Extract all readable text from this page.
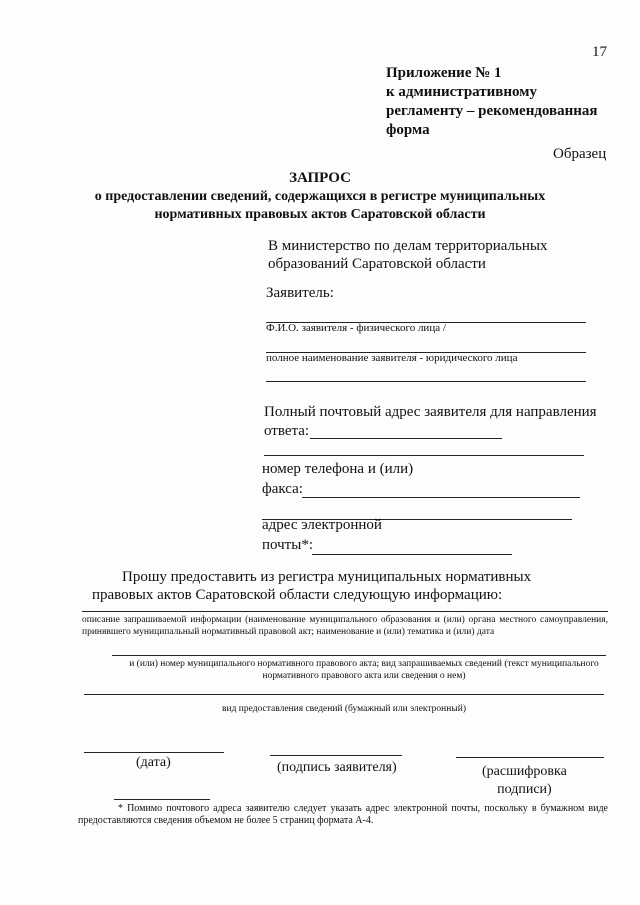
17
Приложение № 1
к административному
регламенту – рекомендованная
форма
Образец
ЗАПРОС
о предоставлении сведений, содержащихся в регистре муниципальных
нормативных правовых актов Саратовской области
В министерство по делам территориальных
образований Саратовской области
Заявитель:
Ф.И.О. заявителя - физического лица /
полное наименование заявителя - юридического лица
Полный почтовый адрес заявителя для направления
ответа:
номер телефона и (или)
факса:
адрес электронной
почты*:
Прошу предоставить из регистра муниципальных нормативных
правовых актов Саратовской области следующую информацию:
описание запрашиваемой информации (наименование муниципального образования и (или) органа местного самоуправления, принявшего муниципальный нормативный правовой акт; наименование и (или) тематика и (или) дата
и (или) номер муниципального нормативного правового акта; вид запрашиваемых сведений (текст муниципального нормативного правового акта или сведения о нем)
вид предоставления сведений (бумажный или электронный)
(дата)	(подпись заявителя)	(расшифровка
подписи)
* Помимо почтового адреса заявителю следует указать адрес электронной почты, поскольку в бумажном виде предоставляются сведения объемом не более 5 страниц формата А-4.
